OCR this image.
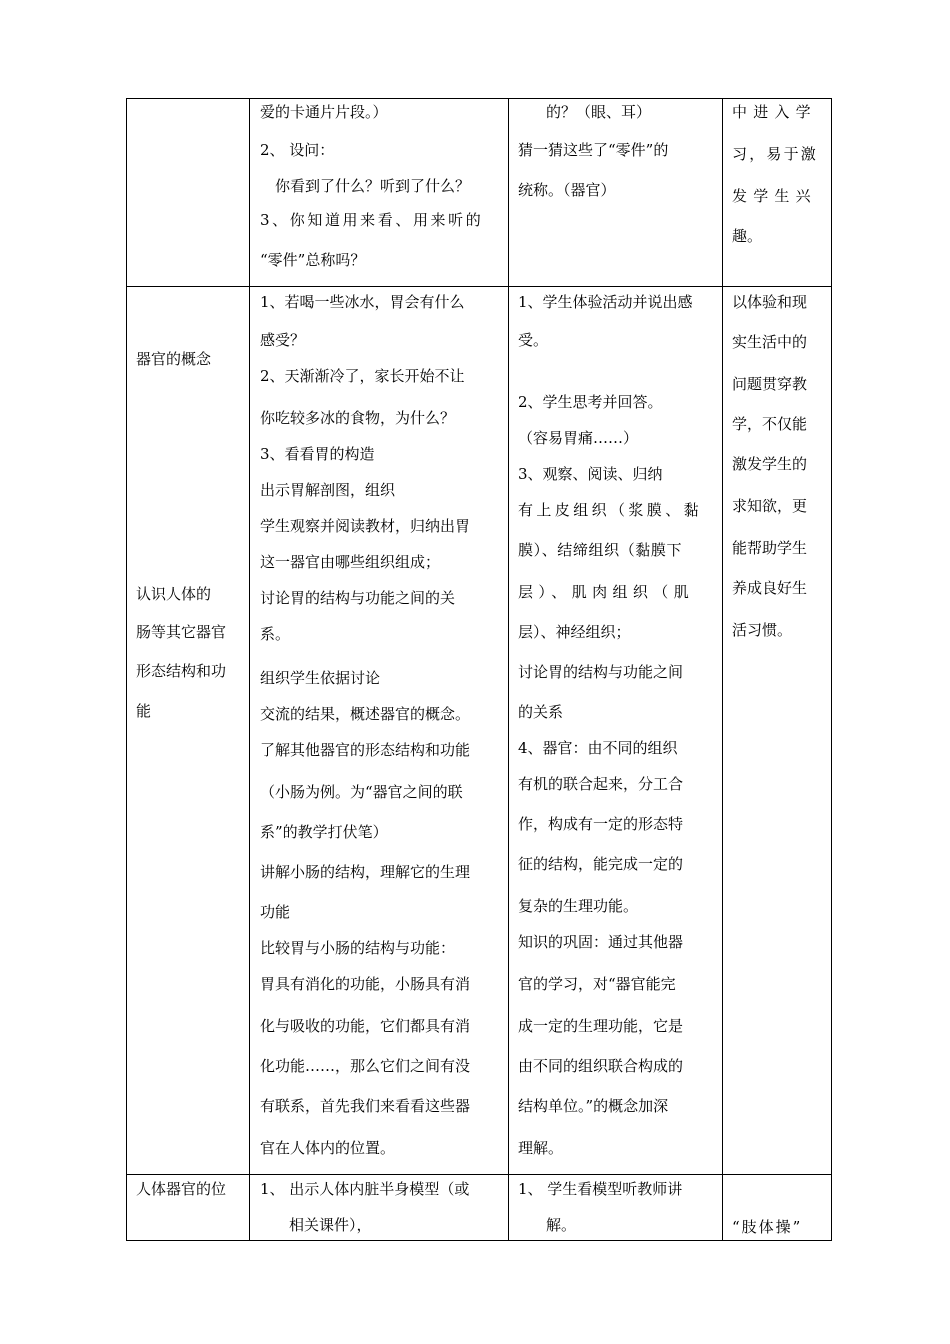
爱的卡通片片段。）
2、 设问：
你看到了什么？听到了什么？
3、你知道用来看、用来听的
“零件”总称吗？
的？（眼、耳）
猜一猜这些了“零件”的
统称。（器官）
中进入学
习，易于激
发学生兴
趣。
器官的概念
认识人体的
肠等其它器官
形态结构和功
能
1、若喝一些冰水，胃会有什么
感受？
2、天渐渐冷了，家长开始不让
你吃较多冰的食物，为什么？
3、看看胃的构造
出示胃解剖图，组织
学生观察并阅读教材，归纳出胃
这一器官由哪些组织组成；
讨论胃的结构与功能之间的关
系。
组织学生依据讨论
交流的结果，概述器官的概念。
了解其他器官的形态结构和功能
（小肠为例。为“器官之间的联
系”的教学打伏笔）
讲解小肠的结构，理解它的生理
功能
比较胃与小肠的结构与功能：
胃具有消化的功能，小肠具有消
化与吸收的功能，它们都具有消
化功能……，那么它们之间有没
有联系，首先我们来看看这些器
官在人体内的位置。
1、学生体验活动并说出感
受。
2、学生思考并回答。
（容易胃痛……）
3、观察、阅读、归纳
有上皮组织（浆膜、黏
膜）、结缔组织（黏膜下
层）、肌肉组织（肌
层）、神经组织；
讨论胃的结构与功能之间
的关系
4、器官：由不同的组织
有机的联合起来，分工合
作，构成有一定的形态特
征的结构，能完成一定的
复杂的生理功能。
知识的巩固：通过其他器
官的学习，对“器官能完
成一定的生理功能，它是
由不同的组织联合构成的
结构单位。”的概念加深
理解。
以体验和现
实生活中的
问题贯穿教
学，不仅能
激发学生的
求知欲，更
能帮助学生
养成良好生
活习惯。
人体器官的位 1、 出示人体内脏半身模型（或
相关课件），
1、 学生看模型听教师讲
解。	“肢体操”
